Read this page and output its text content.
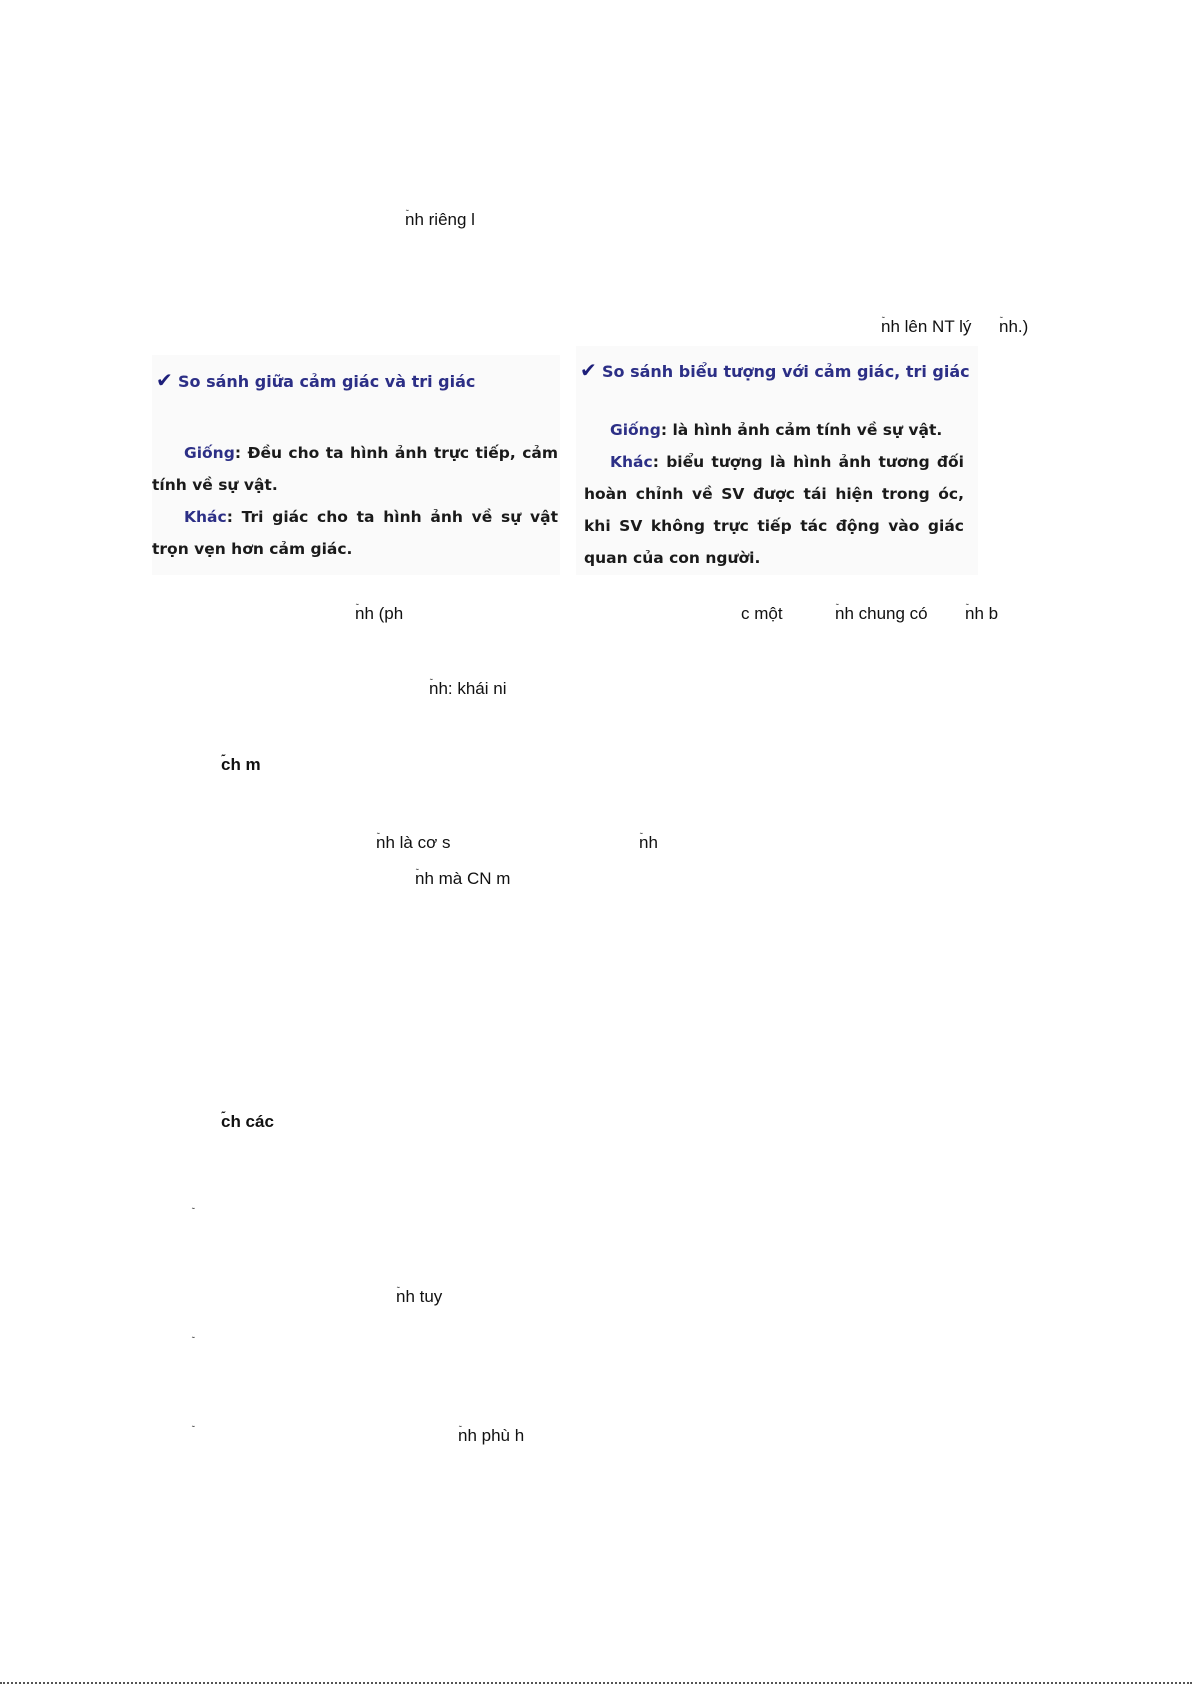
ۤnh riêng l
ۤnh lên NT lý ۤnh.)
✔ So sánh giữa cảm giác và tri giác
Giống: Đều cho ta hình ảnh trực tiếp, cảm tính về sự vật.
Khác: Tri giác cho ta hình ảnh về sự vật trọn vẹn hơn cảm giác.
✔ So sánh biểu tượng với cảm giác, tri giác
Giống: là hình ảnh cảm tính về sự vật.
Khác: biểu tượng là hình ảnh tương đối hoàn chỉnh về SV được tái hiện trong óc, khi SV không trực tiếp tác động vào giác quan của con người.
ۤnh (ph	c một	ۤnh chung có ۤnh b
ۤnh: khái ni
ۤch m
ۤnh là cơ s	ۤnh
ۤnh mà CN m
ۤch các
ۤnh tuy
ۤnh phù h
